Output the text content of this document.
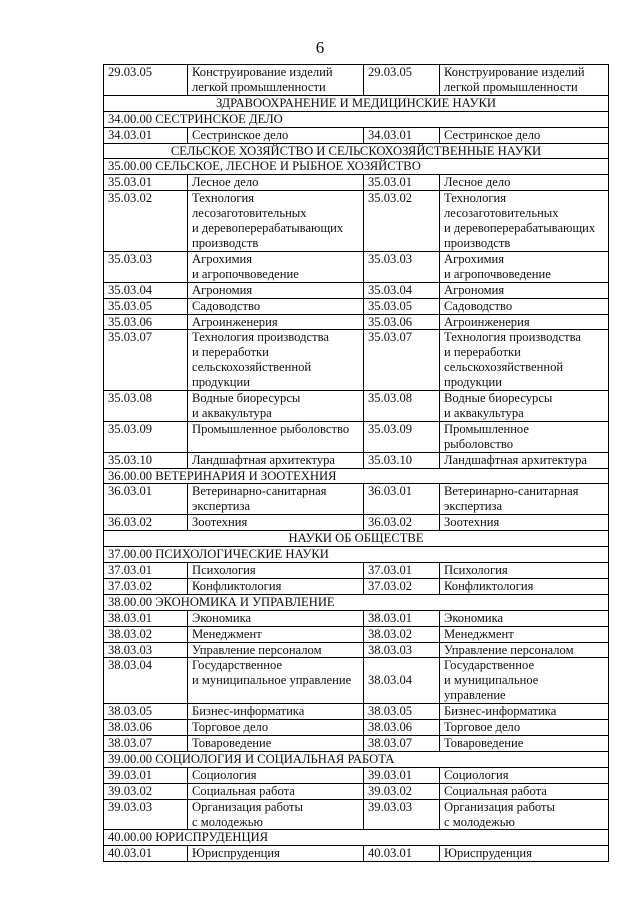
6
29.03.05	Конструирование изделий
легкой промышленности	29.03.05	Конструирование изделий
легкой промышленности

ЗДРАВООХРАНЕНИЕ И МЕДИЦИНСКИЕ НАУКИ			
34.00.00 СЕСТРИНСКОЕ ДЕЛО			
34.03.01	Сестринское дело	34.03.01	Сестринское дело

СЕЛЬСКОЕ ХОЗЯЙСТВО И СЕЛЬСКОХОЗЯЙСТВЕННЫЕ НАУКИ			
35.00.00 СЕЛЬСКОЕ, ЛЕСНОЕ И РЫБНОЕ ХОЗЯЙСТВО			
35.03.01	Лесное дело	35.03.01	Лесное дело

35.03.02	Технология
лесозаготовительных
и деревоперерабатывающих
производств	35.03.02	Технология
лесозаготовительных
и деревоперерабатывающих
производств

35.03.03	Агрохимия
и агропочвоведение	35.03.03	Агрохимия
и агропочвоведение

35.03.04	Агрономия	35.03.04	Агрономия

35.03.05	Садоводство	35.03.05	Садоводство

35.03.06	Агроинженерия	35.03.06	Агроинженерия

35.03.07	Технология производства
и переработки
сельскохозяйственной
продукции	35.03.07	Технология производства
и переработки
сельскохозяйственной
продукции

35.03.08	Водные биоресурсы
и аквакультура	35.03.08	Водные биоресурсы
и аквакультура

35.03.09	Промышленное рыболовство	35.03.09	Промышленное
рыболовство

35.03.10	Ландшафтная архитектура	35.03.10	Ландшафтная архитектура

36.00.00 ВЕТЕРИНАРИЯ И ЗООТЕХНИЯ			
36.03.01	Ветеринарно-санитарная
экспертиза	36.03.01	Ветеринарно-санитарная
экспертиза

36.03.02	Зоотехния	36.03.02	Зоотехния

НАУКИ ОБ ОБЩЕСТВЕ			
37.00.00 ПСИХОЛОГИЧЕСКИЕ НАУКИ			
37.03.01	Психология	37.03.01	Психология

37.03.02	Конфликтология	37.03.02	Конфликтология

38.00.00 ЭКОНОМИКА И УПРАВЛЕНИЕ			
38.03.01	Экономика	38.03.01	Экономика

38.03.02	Менеджмент	38.03.02	Менеджмент

38.03.03	Управление персоналом	38.03.03	Управление персоналом

38.03.04	Государственное
и муниципальное управление	38.03.04	Государственное
и муниципальное
управление

38.03.05	Бизнес-информатика	38.03.05	Бизнес-информатика

38.03.06	Торговое дело	38.03.06	Торговое дело

38.03.07	Товароведение	38.03.07	Товароведение

39.00.00 СОЦИОЛОГИЯ И СОЦИАЛЬНАЯ РАБОТА			
39.03.01	Социология	39.03.01	Социология

39.03.02	Социальная работа	39.03.02	Социальная работа

39.03.03	Организация работы
с молодежью	39.03.03	Организация работы
с молодежью

40.00.00 ЮРИСПРУДЕНЦИЯ			
40.03.01	Юриспруденция	40.03.01	Юриспруденция
